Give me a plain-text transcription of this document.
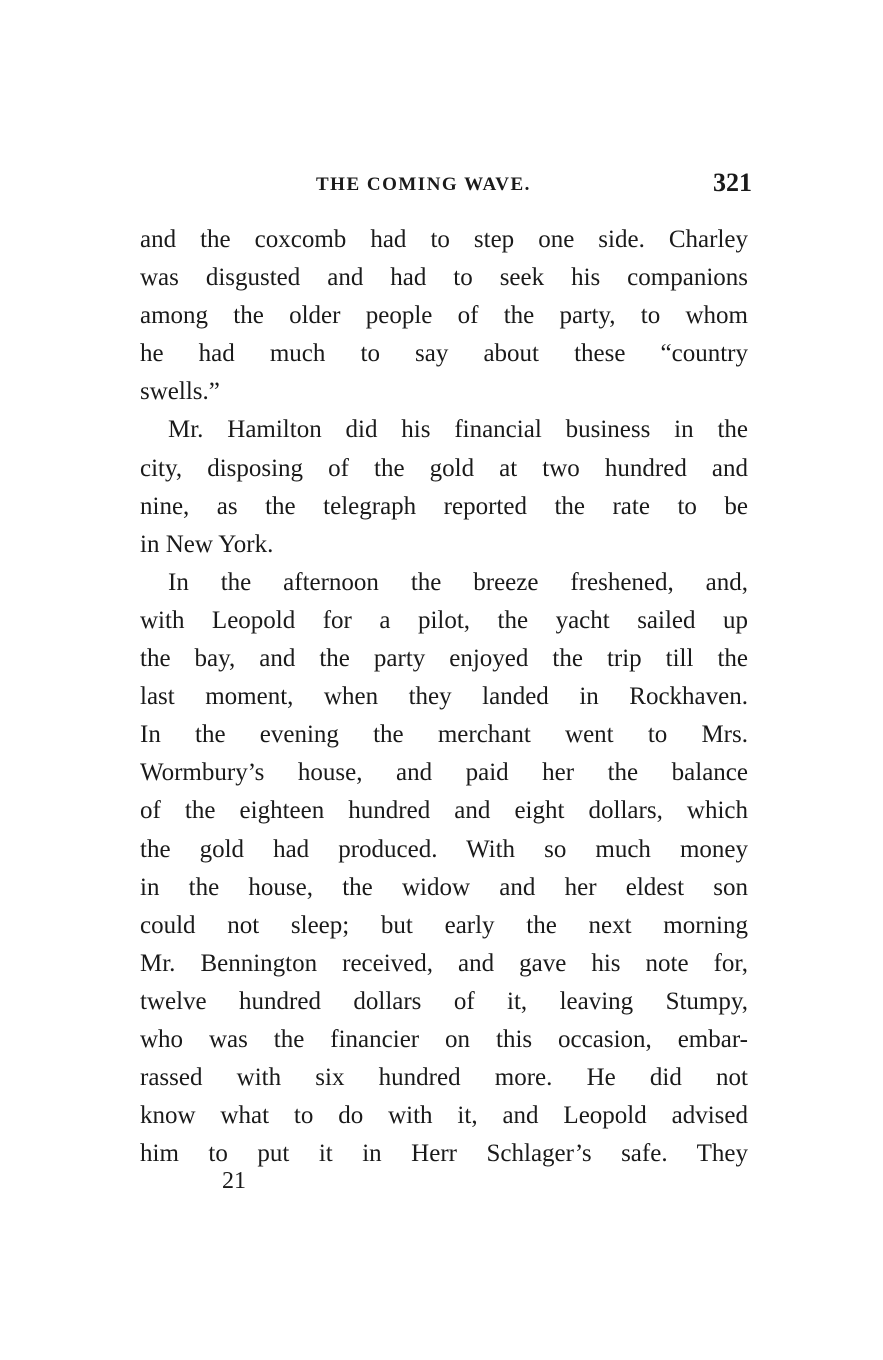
THE COMING WAVE.	321
and the coxcomb had to step one side. Charley
was disgusted and had to seek his companions
among the older people of the party, to whom
he had much to say about these “country
swells.”
Mr. Hamilton did his financial business in the
city, disposing of the gold at two hundred and
nine, as the telegraph reported the rate to be
in New York.
In the afternoon the breeze freshened, and,
with Leopold for a pilot, the yacht sailed up
the bay, and the party enjoyed the trip till the
last moment, when they landed in Rockhaven.
In the evening the merchant went to Mrs.
Wormbury’s house, and paid her the balance
of the eighteen hundred and eight dollars, which
the gold had produced. With so much money
in the house, the widow and her eldest son
could not sleep; but early the next morning
Mr. Bennington received, and gave his note for,
twelve hundred dollars of it, leaving Stumpy,
who was the financier on this occasion, embar-
rassed with six hundred more. He did not
know what to do with it, and Leopold advised
him to put it in Herr Schlager’s safe. They
21
